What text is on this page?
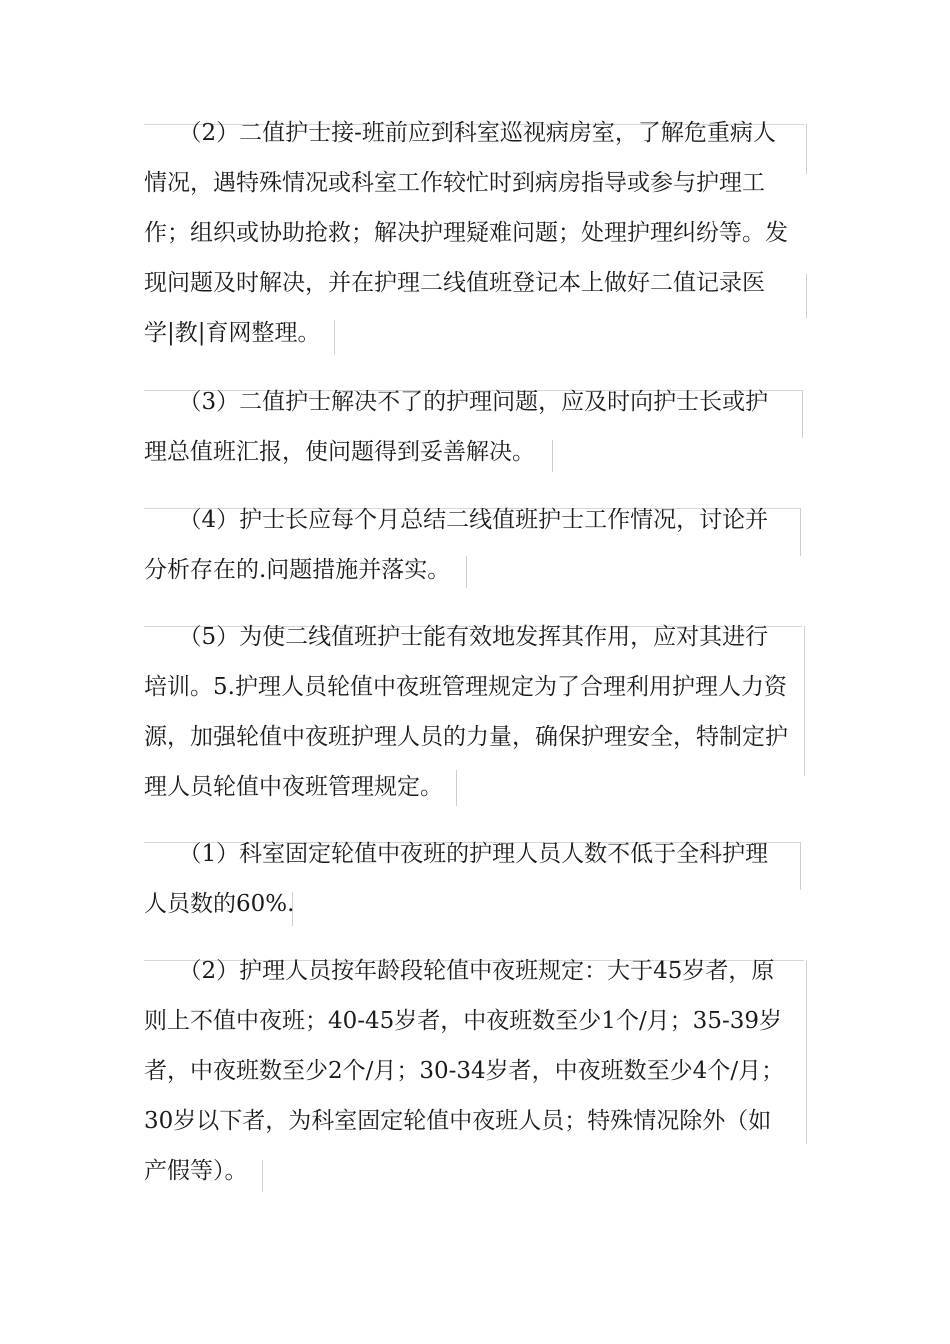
　　（2）二值护士接-班前应到科室巡视病房室，了解危重病人
情况，遇特殊情况或科室工作较忙时到病房指导或参与护理工
作；组织或协助抢救；解决护理疑难问题；处理护理纠纷等。发
现问题及时解决，并在护理二线值班登记本上做好二值记录医
学|教|育网整理。
　　（3）二值护士解决不了的护理问题，应及时向护士长或护
理总值班汇报，使问题得到妥善解决。
　　（4）护士长应每个月总结二线值班护士工作情况，讨论并
分析存在的.问题措施并落实。
　　（5）为使二线值班护士能有效地发挥其作用，应对其进行
培训。5.护理人员轮值中夜班管理规定为了合理利用护理人力资
源，加强轮值中夜班护理人员的力量，确保护理安全，特制定护
理人员轮值中夜班管理规定。
　　（1）科室固定轮值中夜班的护理人员人数不低于全科护理
人员数的60%.
　　（2）护理人员按年龄段轮值中夜班规定：大于45岁者，原
则上不值中夜班；40-45岁者，中夜班数至少1个/月；35-39岁
者，中夜班数至少2个/月；30-34岁者，中夜班数至少4个/月；
30岁以下者，为科室固定轮值中夜班人员；特殊情况除外（如
产假等）。
